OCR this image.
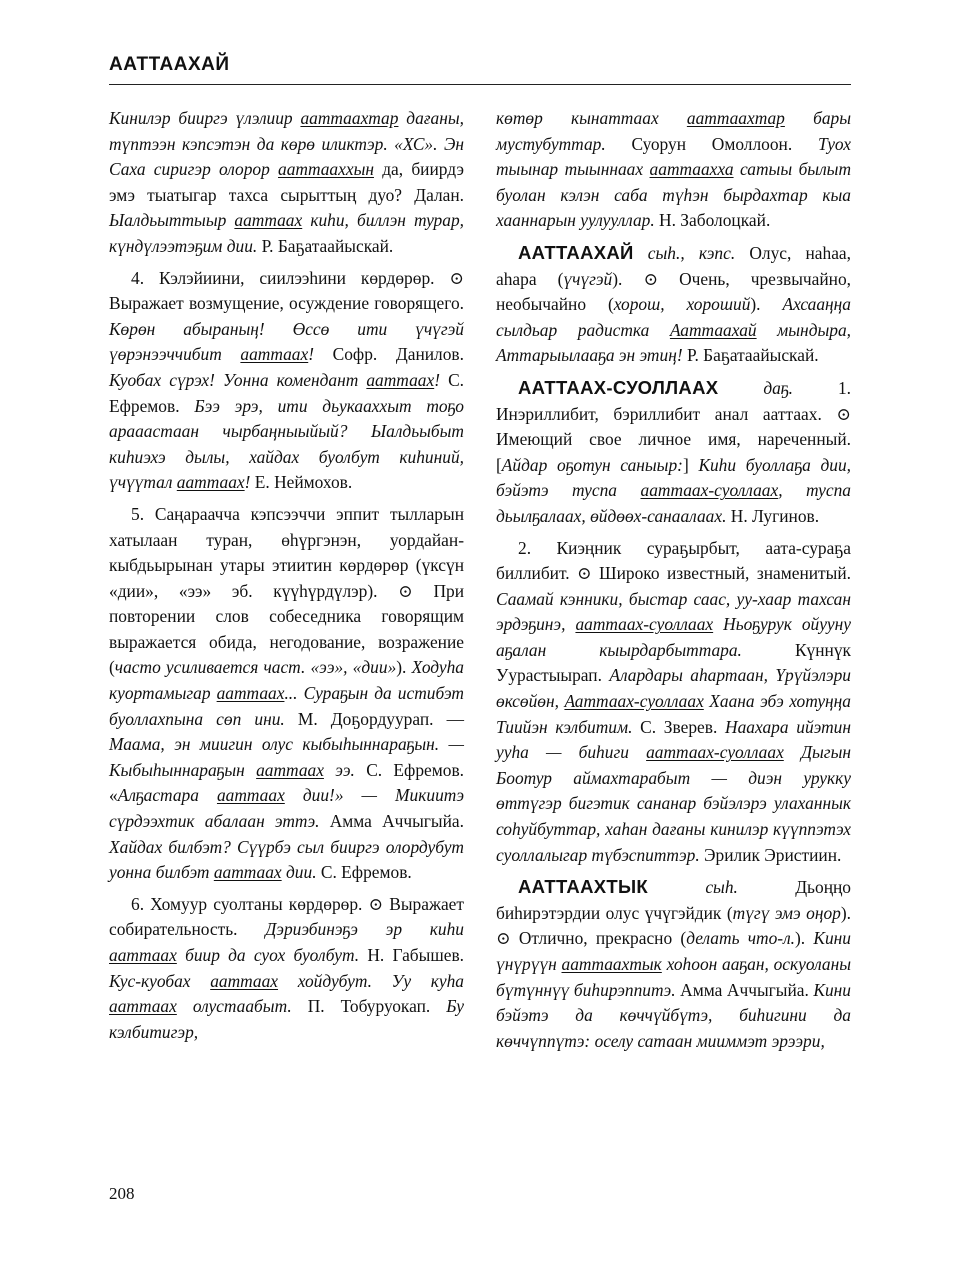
ААТТААХАЙ

Кинилэр бииргэ үлэлиир ааттаахтар дағаны, түптээн кэпсэтэн да көрө иликтэр. «ХС». Эн Саха сиригэр олорор ааттааххын да, биирдэ эмэ тыатыгар тахса сырыттың дуо? Далан. Ыалдьыттыыр ааттаах киһи, биллэн турар, күндүлээтэҕим дии. Р. Баҕатаайыскай.

4. Кэлэйиини, сиилээһини көрдөрөр. ⊙ Выражает возмущение, осуждение говорящего. Көрөн абыраның! Өссө ити үчүгэй үөрэнээччибит ааттаах! Софр. Данилов. Куобах сүрэх! Уонна комендант ааттаах! С. Ефремов. Бээ эрэ, ити дьукааххыт тоҕо арааастаан чырбаңныыйый? Ыалдьыбыт киһиэхэ дылы, хайдах буолбут киһиний, үчүүтал ааттаах! Е. Неймохов.

5. Саңараачча кэпсээччи эппит тылларын хатылаан туран, өһүргэнэн, уордайан-кыбдьырынан утары этиитин көрдөрөр (үксүн «дии», «ээ» эб. күүһүрдүлэр). ⊙ При повторении слов собеседника говорящим выражается обида, негодование, возражение (часто усиливается част. «ээ», «дии»). Ходуһа куортамыгар ааттаах... Сураҕын да истибэт буоллахпына сөп ини. М. Доҕордуурап. — Маама, эн миигин олус кыбыһыннараҕын. — Кыбыһыннараҕын ааттаах ээ. С. Ефремов. «Алҕастара ааттаах дии!» — Микиитэ сүрдээхтик абалаан эттэ. Амма Аччыгыйа. Хайдах билбэт? Сүүрбэ сыл бииргэ олордубут уонна билбэт ааттаах дии. С. Ефремов.

6. Хомуур суолтаны көрдөрөр. ⊙ Выражает собирательность. Дэриэбинэҕэ эр киһи ааттаах биир да суох буолбут. Н. Габышев. Кус-куобах ааттаах хойдубут. Уу куһа ааттаах олустаабыт. П. Тобуруокап. Бу кэлбитигэр,

көтөр кынаттаах ааттаахтар бары мустубуттар. Суорун Омоллоон. Туох тыынар тыыннаах ааттаахха сатыы былыт буолан кэлэн саба түһэн бырдахтар кыа хааннарын уулууллар. Н. Заболоцкай.

ААТТААХАЙ сыһ., кэпс. Олус, наһаа, аһара (үчүгэй). ⊙ Очень, чрезвычайно, необычайно (хорош, хороший). Ахсааңңа сылдьар радистка Ааттаахай мындыра, Аттарыылааҕа эн этиң! Р. Баҕатаайыскай.

ААТТААХ-СУОЛЛААХ даҕ. 1. Инэриллибит, бэриллибит анал ааттаах. ⊙ Имеющий свое личное имя, нареченный. [Айдар оҕотун саныыр:] Киһи буоллаҕа дии, бэйэтэ туспа ааттаах-суоллаах, туспа дьылҕалаах, өйдөөх-санаалаах. Н. Лугинов.

2. Киэңник сураҕырбыт, аата-сураҕа биллибит. ⊙ Широко известный, знаменитый. Саамай кэнники, быстар саас, уу-хаар тахсан эрдэҕинэ, ааттаах-суоллаах Ньоҕурук ойууну аҕалан кыырдарбыттара. Күннүк Уурастыырап. Алардары аһартаан, Үрүйэлэри өксөйөн, Ааттаах-суоллаах Хаана эбэ хотуңңа Тиийэн кэлбитим. С. Зверев. Наахара ийэтин ууһа — биһиги ааттаах-суоллаах Дыгын Боотур аймахтарабыт — диэн урукку өттүгэр бигэтик сананар бэйэлэрэ улаханнык соһуйбуттар, хаһан дағаны кинилэр күүппэтэх суоллалыгар түбэспиттэр. Эрилик Эристиин.

ААТТААХТЫК сыһ. Дьоңңо биһирэтэрдии олус үчүгэйдик (түгү эмэ оңор). ⊙ Отлично, прекрасно (делать что-л.). Кини үнүрүүн ааттаахтык хоһоон ааҕан, оскуоланы бүтүннүү биһирэппитэ. Амма Аччыгыйа. Кини бэйэтэ да көччүйбүтэ, биһигини да көччүппүтэ: оселу сатаан мииммэт эрээри,

208
